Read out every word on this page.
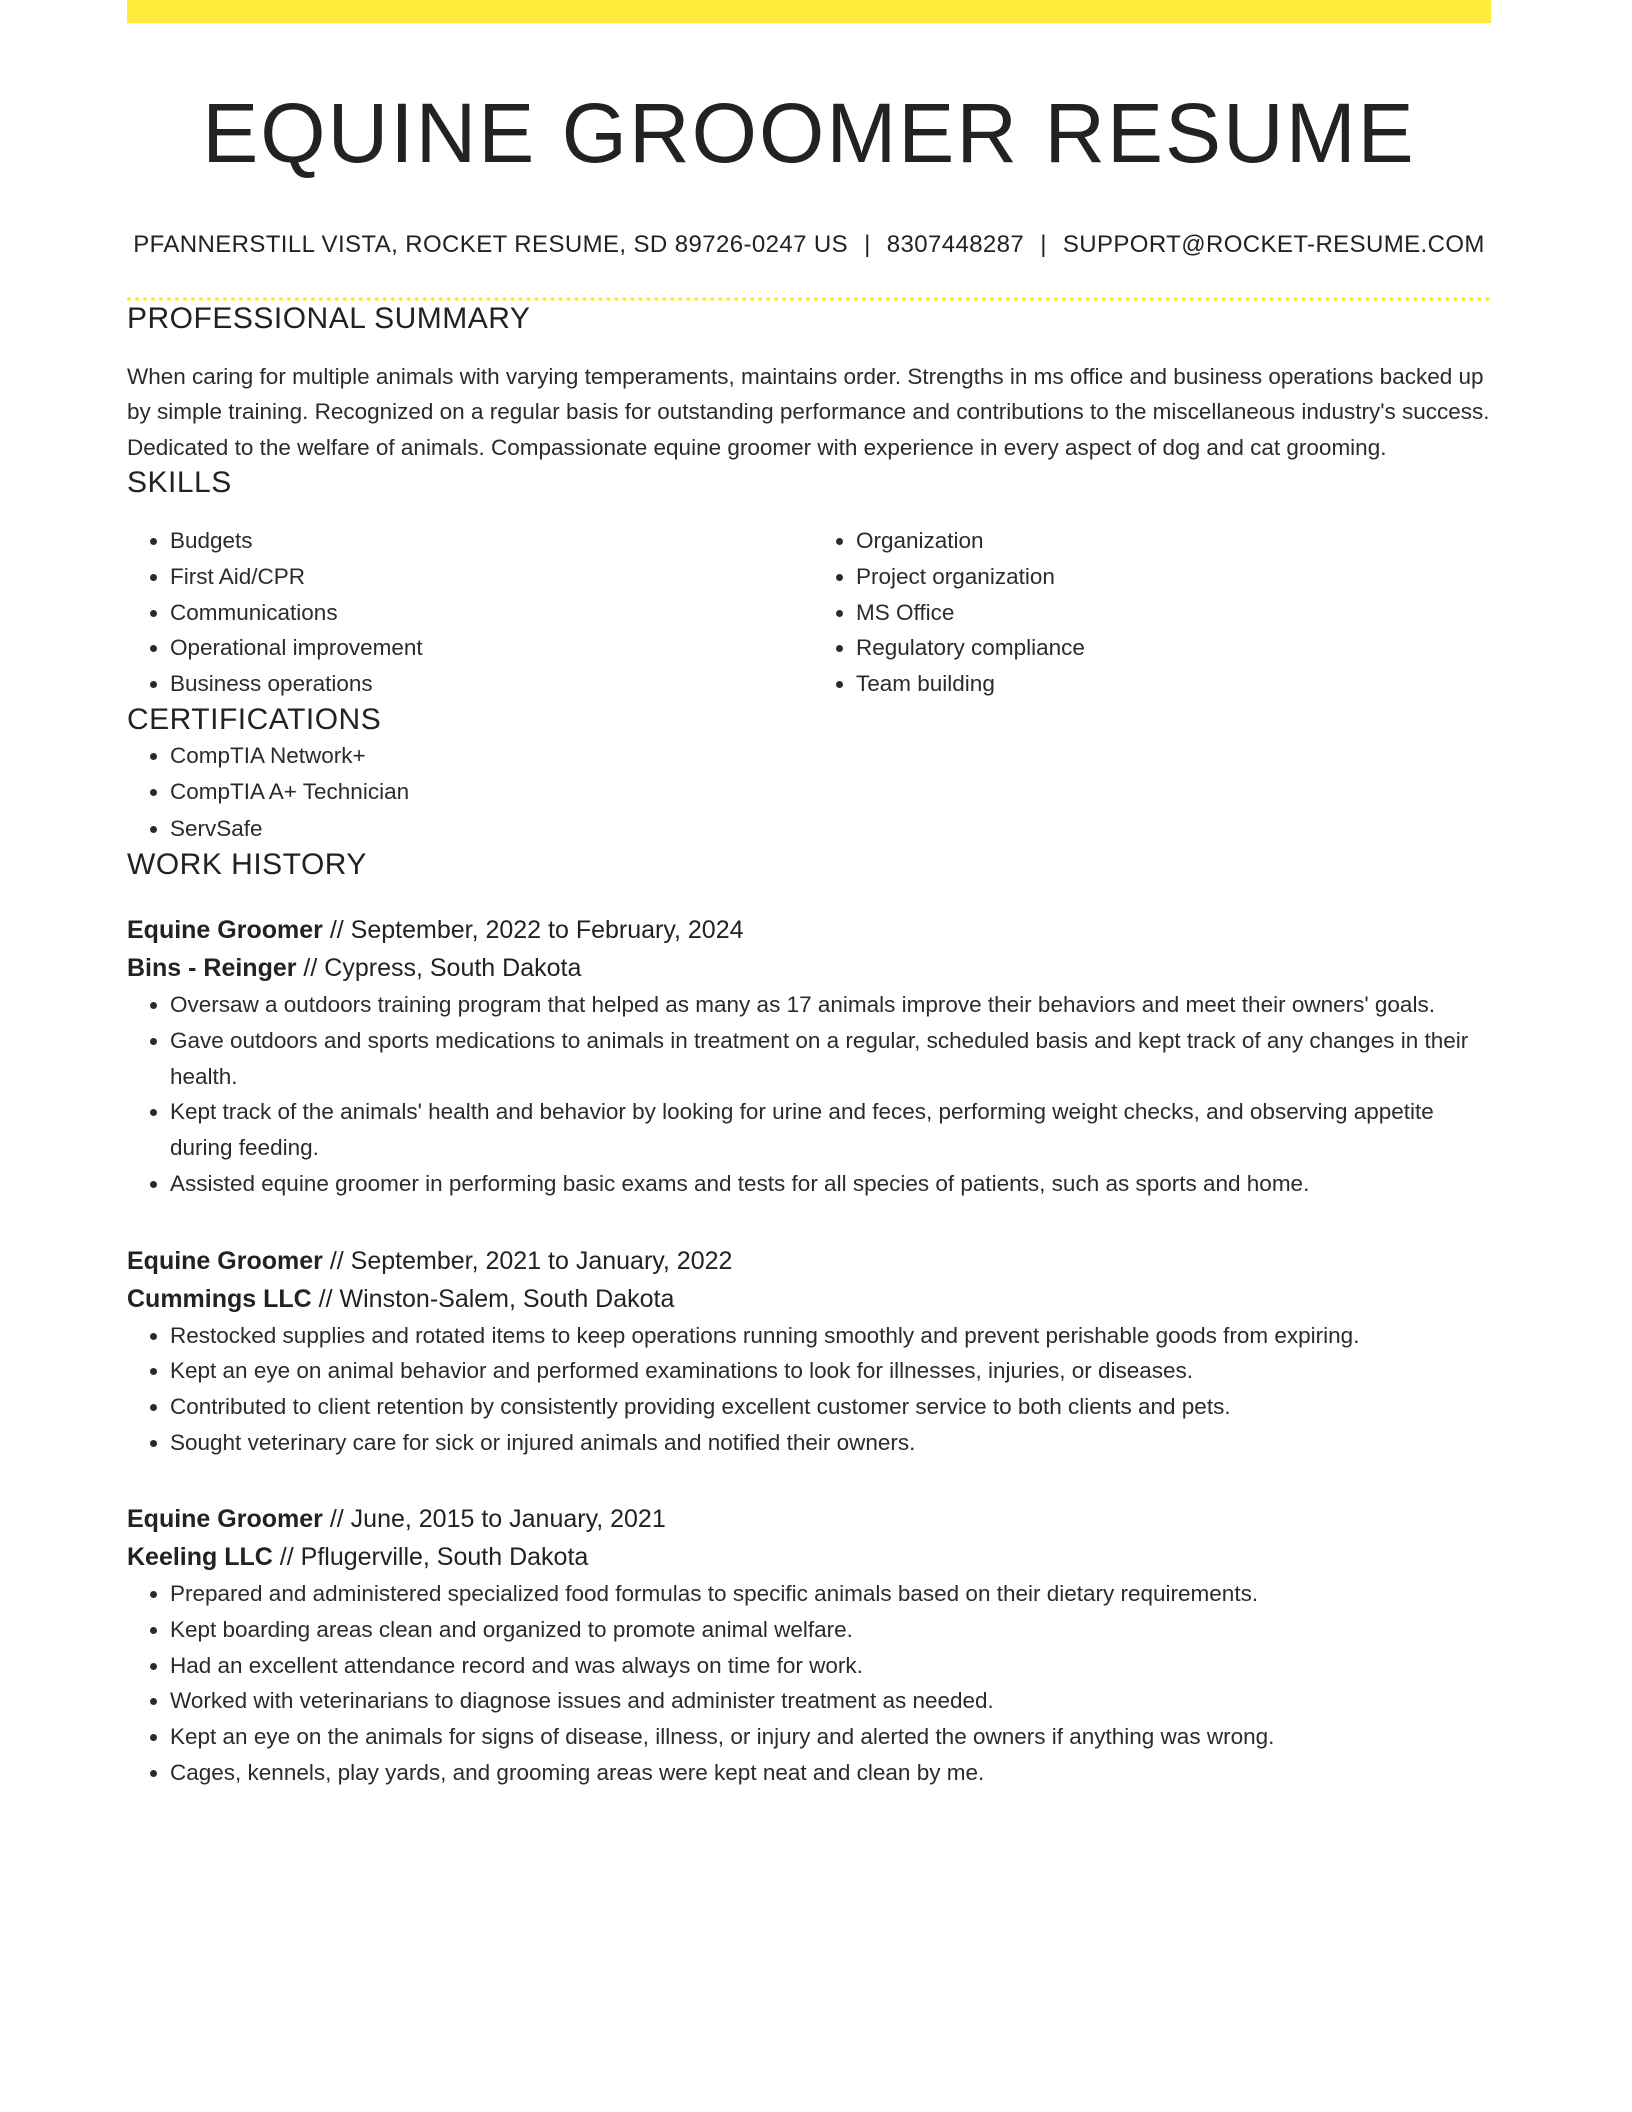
EQUINE GROOMER RESUME
PFANNERSTILL VISTA, ROCKET RESUME, SD 89726-0247 US | 8307448287 | SUPPORT@ROCKET-RESUME.COM
PROFESSIONAL SUMMARY

When caring for multiple animals with varying temperaments, maintains order. Strengths in ms office and business operations backed up by simple training. Recognized on a regular basis for outstanding performance and contributions to the miscellaneous industry's success. Dedicated to the welfare of animals. Compassionate equine groomer with experience in every aspect of dog and cat grooming.

SKILLS
• Budgets
• First Aid/CPR
• Communications
• Operational improvement
• Business operations
• Organization
• Project organization
• MS Office
• Regulatory compliance
• Team building
CERTIFICATIONS
• CompTIA Network+
• CompTIA A+ Technician
• ServSafe
WORK HISTORY
Equine Groomer // September, 2022 to February, 2024
Bins - Reinger // Cypress, South Dakota
• Oversaw a outdoors training program that helped as many as 17 animals improve their behaviors and meet their owners' goals.
• Gave outdoors and sports medications to animals in treatment on a regular, scheduled basis and kept track of any changes in their health.
• Kept track of the animals' health and behavior by looking for urine and feces, performing weight checks, and observing appetite during feeding.
• Assisted equine groomer in performing basic exams and tests for all species of patients, such as sports and home.
Equine Groomer // September, 2021 to January, 2022
Cummings LLC // Winston-Salem, South Dakota
• Restocked supplies and rotated items to keep operations running smoothly and prevent perishable goods from expiring.
• Kept an eye on animal behavior and performed examinations to look for illnesses, injuries, or diseases.
• Contributed to client retention by consistently providing excellent customer service to both clients and pets.
• Sought veterinary care for sick or injured animals and notified their owners.
Equine Groomer // June, 2015 to January, 2021
Keeling LLC // Pflugerville, South Dakota
• Prepared and administered specialized food formulas to specific animals based on their dietary requirements.
• Kept boarding areas clean and organized to promote animal welfare.
• Had an excellent attendance record and was always on time for work.
• Worked with veterinarians to diagnose issues and administer treatment as needed.
• Kept an eye on the animals for signs of disease, illness, or injury and alerted the owners if anything was wrong.
• Cages, kennels, play yards, and grooming areas were kept neat and clean by me.
